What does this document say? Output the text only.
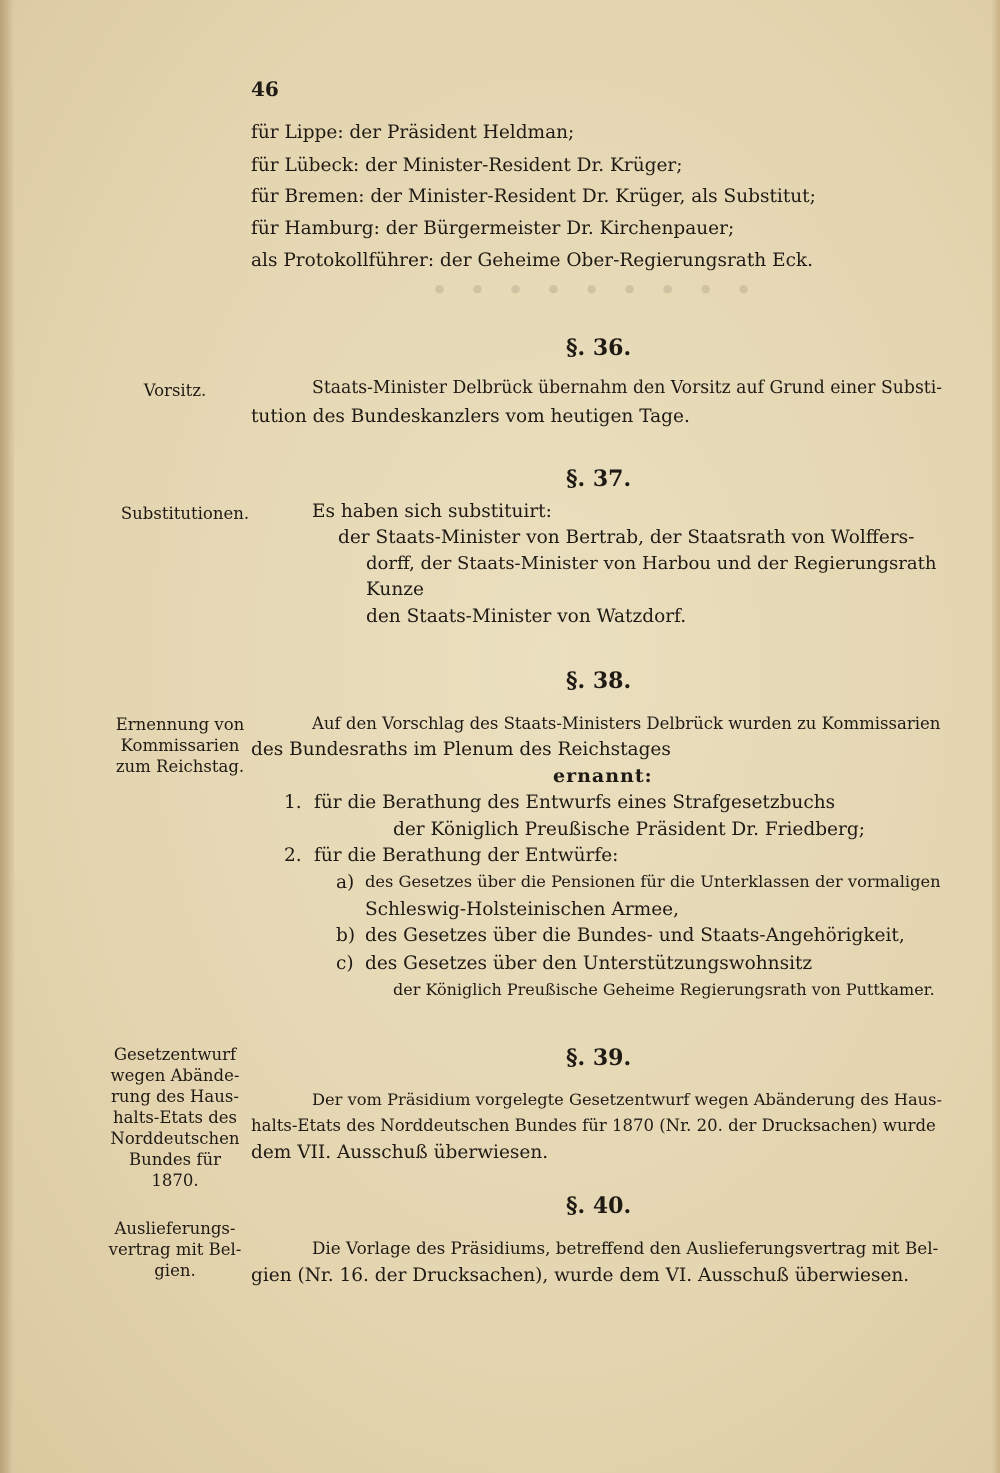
· · · · · · · · ·
46
für Lippe: der Präsident Heldman;
für Lübeck: der Minister-Resident Dr. Krüger;
für Bremen: der Minister-Resident Dr. Krüger, als Substitut;
für Hamburg: der Bürgermeister Dr. Kirchenpauer;
als Protokollführer: der Geheime Ober-Regierungsrath Eck.
§. 36.
Vorsitz.	Staats-Minister Delbrück übernahm den Vorsitz auf Grund einer Substi-
tution des Bundeskanzlers vom heutigen Tage.
§. 37.
Substitutionen.	Es haben sich substituirt:
der Staats-Minister von Bertrab, der Staatsrath von Wolffers-
dorff, der Staats-Minister von Harbou und der Regierungsrath
Kunze
den Staats-Minister von Watzdorf.
§. 38.
Ernennung von
Kommissarien
zum Reichstag.
Auf den Vorschlag des Staats-Ministers Delbrück wurden zu Kommissarien
des Bundesraths im Plenum des Reichstages
ernannt:
1. für die Berathung des Entwurfs eines Strafgesetzbuchs
der Königlich Preußische Präsident Dr. Friedberg;
2. für die Berathung der Entwürfe:
a) des Gesetzes über die Pensionen für die Unterklassen der vormaligen
Schleswig-Holsteinischen Armee,
b) des Gesetzes über die Bundes- und Staats-Angehörigkeit,
c) des Gesetzes über den Unterstützungswohnsitz
der Königlich Preußische Geheime Regierungsrath von Puttkamer.
§. 39.
Gesetzentwurf
wegen Abände-
rung des Haus-
halts-Etats des
Norddeutschen
Bundes für
1870.
Der vom Präsidium vorgelegte Gesetzentwurf wegen Abänderung des Haus-
halts-Etats des Norddeutschen Bundes für 1870 (Nr. 20. der Drucksachen) wurde
dem VII. Ausschuß überwiesen.
§. 40.
Auslieferungs-
vertrag mit Bel-
gien.
Die Vorlage des Präsidiums, betreffend den Auslieferungsvertrag mit Bel-
gien (Nr. 16. der Drucksachen), wurde dem VI. Ausschuß überwiesen.
